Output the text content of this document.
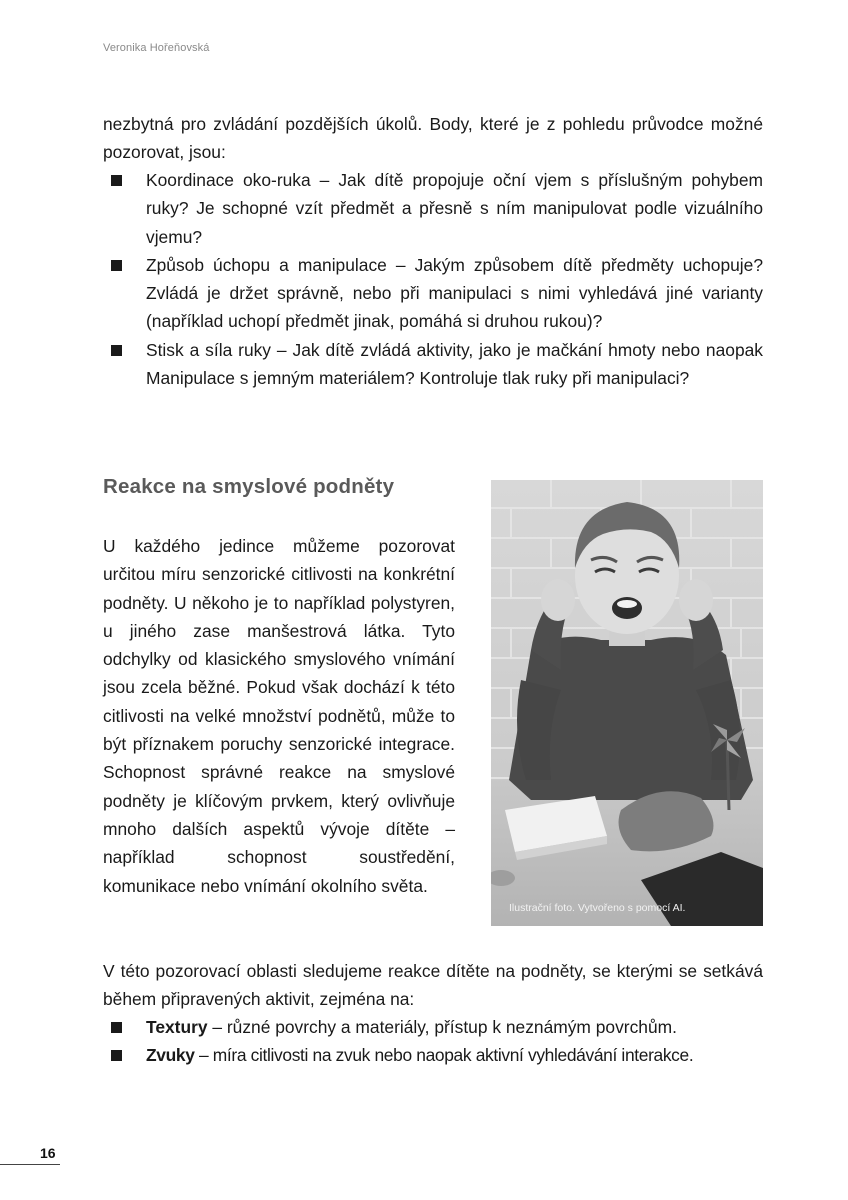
Veronika Hořeňovská

nezbytná pro zvládání pozdějších úkolů. Body, které je z pohledu průvodce možné pozorovat, jsou:

Koordinace oko-ruka – Jak dítě propojuje oční vjem s příslušným pohybem ruky? Je schopné vzít předmět a přesně s ním manipulovat podle vizuálního vjemu?
Způsob úchopu a manipulace – Jakým způsobem dítě předměty uchopuje? Zvládá je držet správně, nebo při manipulaci s nimi vyhledává jiné varianty (například uchopí předmět jinak, pomáhá si druhou rukou)?
Stisk a síla ruky – Jak dítě zvládá aktivity, jako je mačkání hmoty nebo naopak Manipulace s jemným materiálem? Kontroluje tlak ruky při manipulaci?
Reakce na smyslové podněty

U každého jedince můžeme pozorovat určitou míru senzorické citlivosti na konkrétní podněty. U někoho je to například polystyren, u jiného zase manšestrová látka. Tyto odchylky od klasického smyslového vnímání jsou zcela běžné. Pokud však dochází k této citlivosti na velké množství podnětů, může to být příznakem poruchy senzorické integrace. Schopnost správné reakce na smyslové podněty je klíčovým prvkem, který ovlivňuje mnoho dalších aspektů vývoje dítěte – například schopnost soustředění, komunikace nebo vnímání okolního světa.

Ilustrační foto. Vytvořeno s pomocí AI.

V této pozorovací oblasti sledujeme reakce dítěte na podněty, se kterými se setkává během připravených aktivit, zejména na:

Textury – různé povrchy a materiály, přístup k neznámým povrchům.
Zvuky – míra citlivosti na zvuk nebo naopak aktivní vyhledávání interakce.
16
